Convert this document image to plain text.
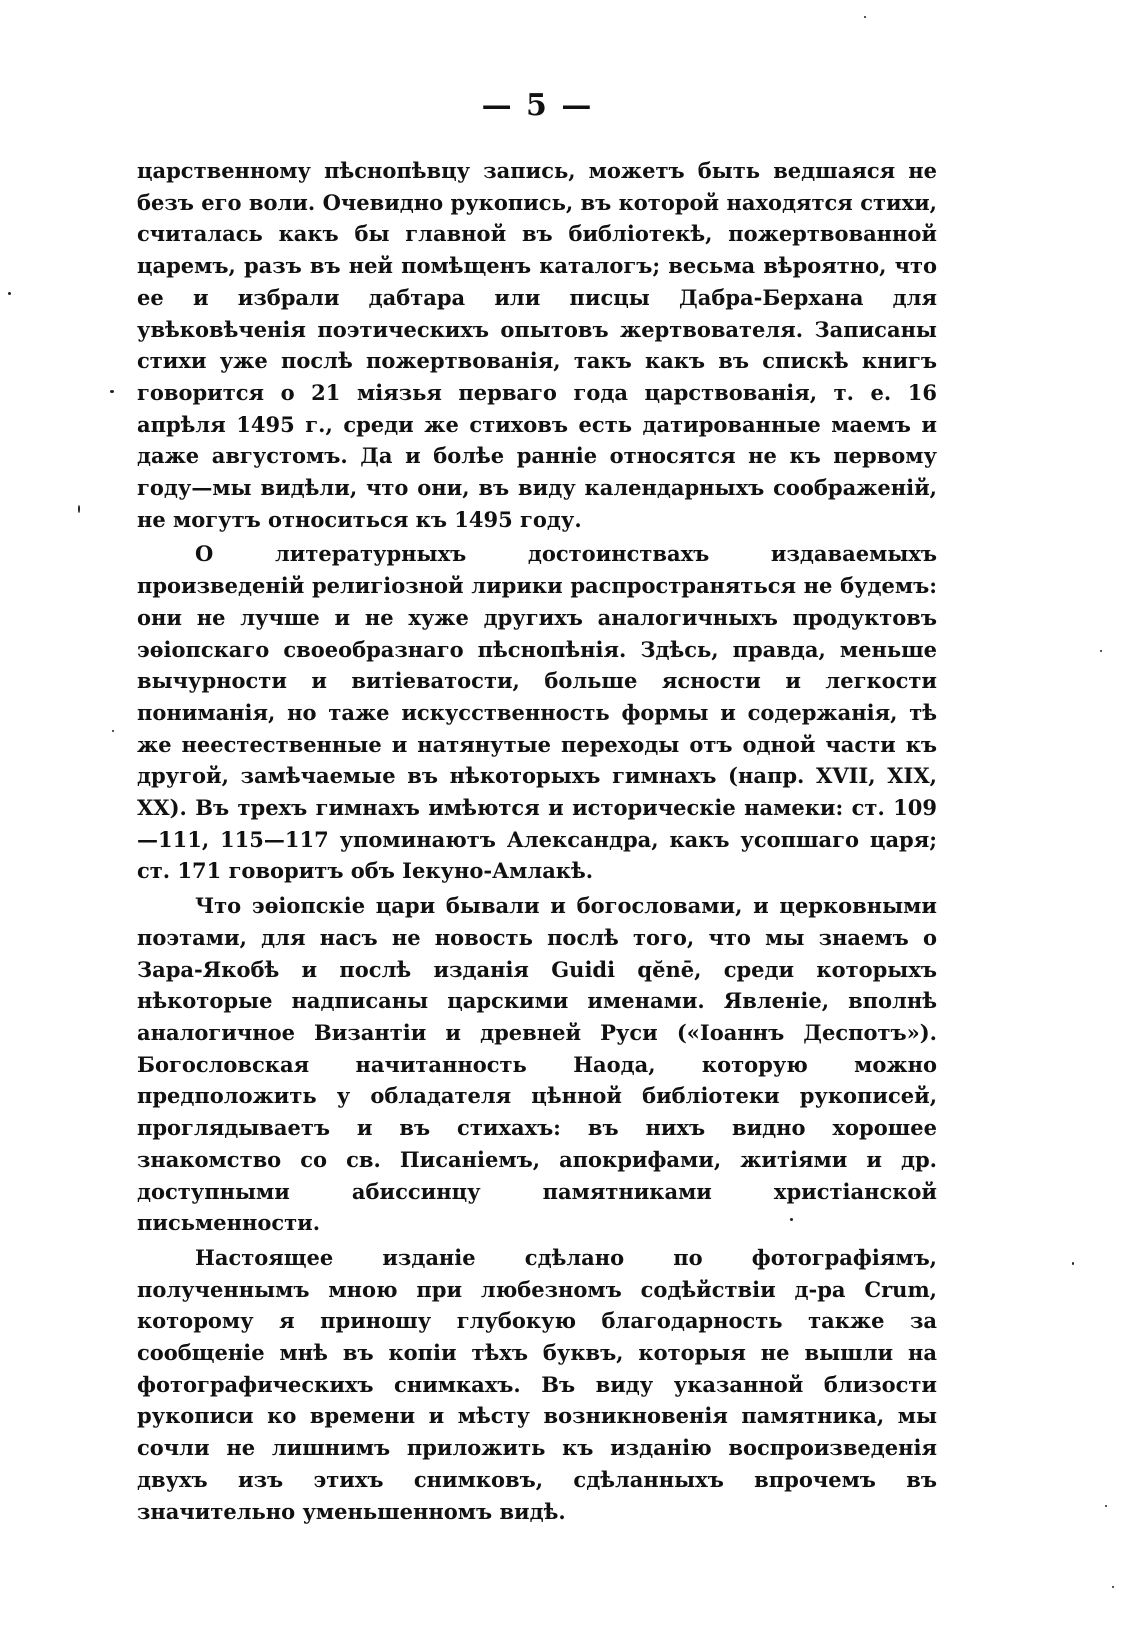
— 5 —

царственному пѣснопѣвцу запись, можетъ быть ведшаяся не безъ его воли. Очевидно рукопись, въ которой находятся стихи, считалась какъ бы главной въ библіотекѣ, пожертвованной царемъ, разъ въ ней помѣщенъ каталогъ; весьма вѣроятно, что ее и избрали дабтара или писцы Дабра-Берхана для увѣковѣченія поэтическихъ опытовъ жертвователя. Записаны стихи уже послѣ пожертвованія, такъ какъ въ спискѣ книгъ говорится о 21 міязья перваго года царствованія, т. е. 16 апрѣля 1495 г., среди же стиховъ есть датированные маемъ и даже августомъ. Да и болѣе ранніе относятся не къ первому году—мы видѣли, что они, въ виду календарныхъ соображеній, не могутъ относиться къ 1495 году.

О литературныхъ достоинствахъ издаваемыхъ произведеній религіозной лирики распространяться не будемъ: они не лучше и не хуже другихъ аналогичныхъ продуктовъ эѳіопскаго своеобразнаго пѣснопѣнія. Здѣсь, правда, меньше вычурности и витіеватости, больше ясности и легкости пониманія, но таже искусственность формы и содержанія, тѣ же неестественные и натянутые переходы отъ одной части къ другой, замѣчаемые въ нѣкоторыхъ гимнахъ (напр. XVII, XIX, XX). Въ трехъ гимнахъ имѣются и историческіе намеки: ст. 109—111, 115—117 упоминаютъ Александра, какъ усопшаго царя; ст. 171 говоритъ объ Іекуно-Амлакѣ.

Что эѳіопскіе цари бывали и богословами, и церковными поэтами, для насъ не новость послѣ того, что мы знаемъ о Зара-Якобѣ и послѣ изданія Guidi qĕnē, среди которыхъ нѣкоторые надписаны царскими именами. Явленіе, вполнѣ аналогичное Византіи и древней Руси («Іоаннъ Деспотъ»). Богословская начитанность Наода, которую можно предположить у обладателя цѣнной библіотеки рукописей, проглядываетъ и въ стихахъ: въ нихъ видно хорошее знакомство со св. Писаніемъ, апокрифами, житіями и др. доступными абиссинцу памятниками христіанской письменности.

Настоящее изданіе сдѣлано по фотографіямъ, полученнымъ мною при любезномъ содѣйствіи д-ра Crum, которому я приношу глубокую благодарность также за сообщеніе мнѣ въ копіи тѣхъ буквъ, которыя не вышли на фотографическихъ снимкахъ. Въ виду указанной близости рукописи ко времени и мѣсту возникновенія памятника, мы сочли не лишнимъ приложить къ изданію воспроизведенія двухъ изъ этихъ снимковъ, сдѣланныхъ впрочемъ въ значительно уменьшенномъ видѣ.
